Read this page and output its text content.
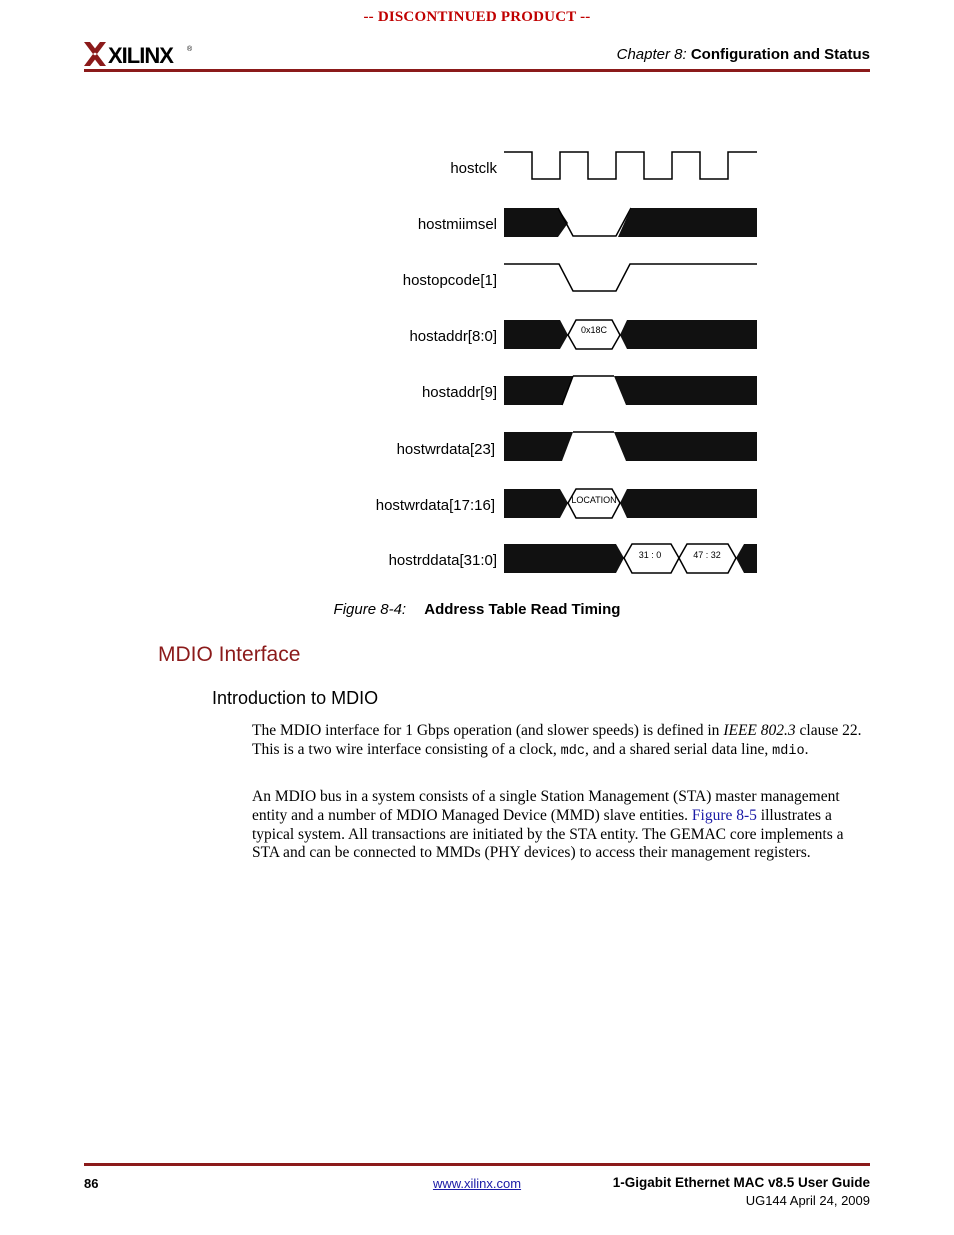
-- DISCONTINUED PRODUCT --
XILINX ®	Chapter 8: Configuration and Status
hostclk
hostmiimsel
hostopcode[1]
hostaddr[8:0]
hostaddr[9]
hostwrdata[23]
hostwrdata[17:16]
hostrddata[31:0]
0x18C
LOCATION
31 : 0	47 : 32
Figure 8-4: Address Table Read Timing
MDIO Interface
Introduction to MDIO
The MDIO interface for 1 Gbps operation (and slower speeds) is defined in IEEE 802.3 clause 22. This is a two wire interface consisting of a clock, mdc, and a shared serial data line, mdio.
An MDIO bus in a system consists of a single Station Management (STA) master management entity and a number of MDIO Managed Device (MMD) slave entities. Figure 8-5 illustrates a typical system. All transactions are initiated by the STA entity. The GEMAC core implements a STA and can be connected to MMDs (PHY devices) to access their management registers.
86	www.xilinx.com	1-Gigabit Ethernet MAC v8.5 User Guide
UG144 April 24, 2009
